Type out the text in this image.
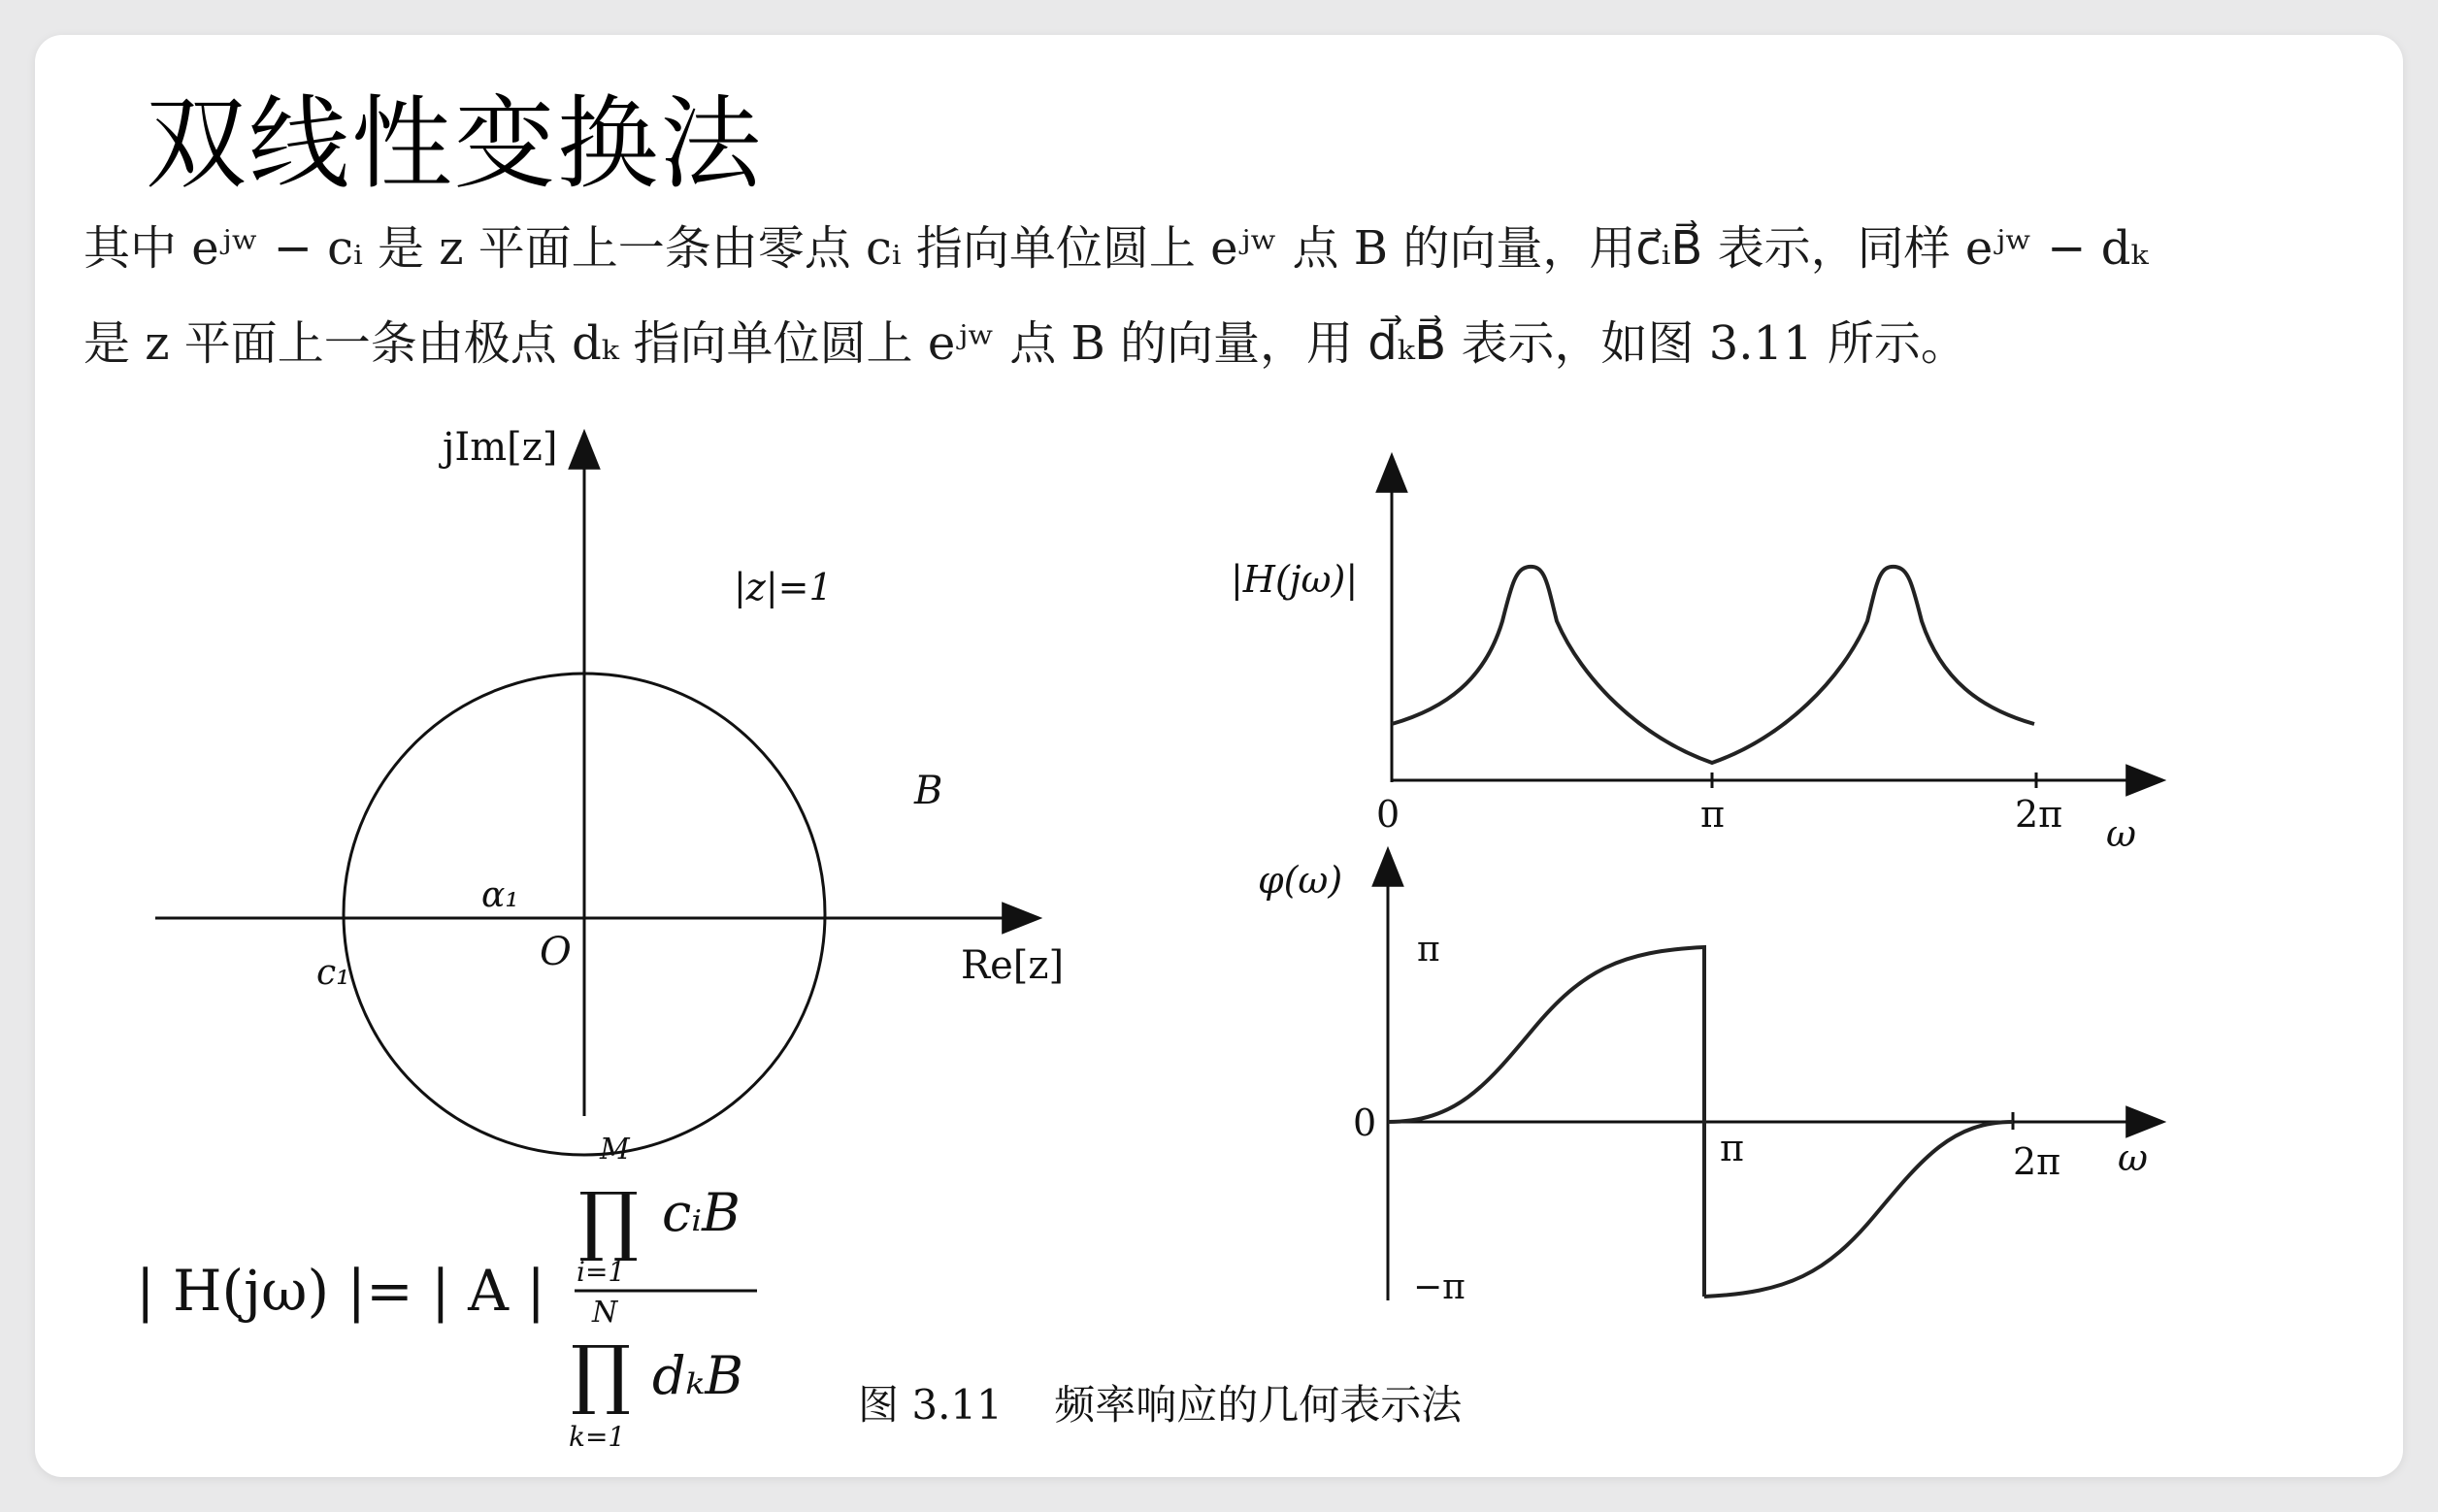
双线性变换法
其中 eʲʷ − cᵢ 是 z 平面上一条由零点 cᵢ 指向单位圆上 eʲʷ 点 B 的向量，用c⃗ᵢB⃗ 表示，同样 eʲʷ − dₖ
是 z 平面上一条由极点 dₖ 指向单位圆上 eʲʷ 点 B 的向量，用 d⃗ₖB⃗ 表示，如图 3.11 所示。
jIm[z]
|z|=1
B
α₁
O
c₁	Re[z]
| H(jω) |= | A |
M
∏ cᵢB
i=1
N
∏ dₖB
k=1
|H(jω)|
0	π	2π ω
φ(ω)
π
0
−π
π	2π ω
图 3.11    频率响应的几何表示法
